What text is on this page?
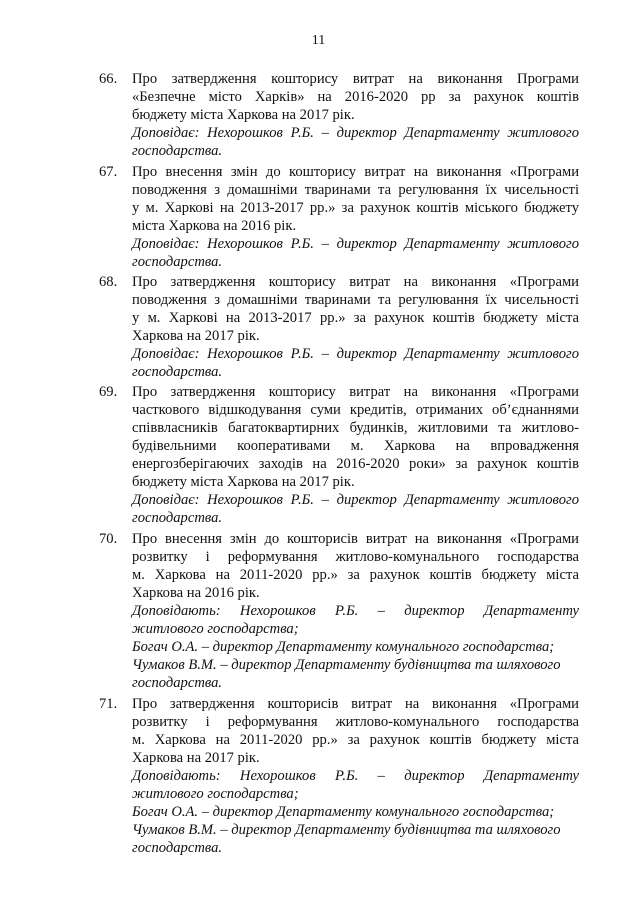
11
66.	Про затвердження кошторису витрат на виконання Програми
«Безпечне місто Харків» на 2016-2020 рр за рахунок коштів
бюджету міста Харкова на 2017 рік.
Доповідає: Нехорошков Р.Б. – директор Департаменту житлового
господарства.
67.	Про внесення змін до кошторису витрат на виконання «Програми
поводження з домашніми тваринами та регулювання їх чисельності
у м. Харкові на 2013-2017 рр.» за рахунок коштів міського бюджету
міста Харкова на 2016 рік.
Доповідає: Нехорошков Р.Б. – директор Департаменту житлового
господарства.
68.	Про затвердження кошторису витрат на виконання «Програми
поводження з домашніми тваринами та регулювання їх чисельності
у м. Харкові на 2013-2017 рр.» за рахунок коштів бюджету міста
Харкова на 2017 рік.
Доповідає: Нехорошков Р.Б. – директор Департаменту житлового
господарства.
69.	Про затвердження кошторису витрат на виконання «Програми
часткового відшкодування суми кредитів, отриманих об’єднаннями
співвласників багатоквартирних будинків, житловими та житлово-
будівельними кооперативами м. Харкова на впровадження
енергозберігаючих заходів на 2016-2020 роки» за рахунок коштів
бюджету міста Харкова на 2017 рік.
Доповідає: Нехорошков Р.Б. – директор Департаменту житлового
господарства.
70.	Про внесення змін до кошторисів витрат на виконання «Програми
розвитку і реформування житлово-комунального господарства
м. Харкова на 2011-2020 рр.» за рахунок коштів бюджету міста
Харкова на 2016 рік.
Доповідають: Нехорошков Р.Б. – директор Департаменту
житлового господарства;
Богач О.А. – директор Департаменту комунального господарства;
Чумаков В.М. – директор Департаменту будівництва та шляхового
господарства.
71.	Про затвердження кошторисів витрат на виконання «Програми
розвитку і реформування житлово-комунального господарства
м. Харкова на 2011-2020 рр.» за рахунок коштів бюджету міста
Харкова на 2017 рік.
Доповідають: Нехорошков Р.Б. – директор Департаменту
житлового господарства;
Богач О.А. – директор Департаменту комунального господарства;
Чумаков В.М. – директор Департаменту будівництва та шляхового
господарства.
